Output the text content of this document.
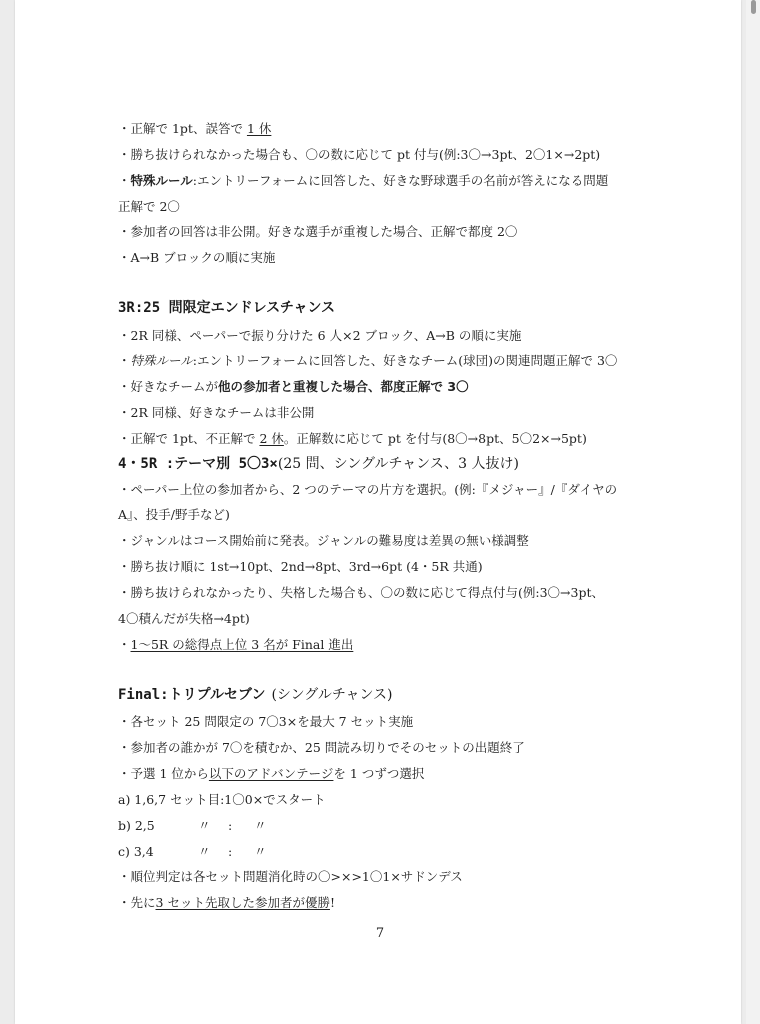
・正解で 1pt、誤答で 1 休
・勝ち抜けられなかった場合も、〇の数に応じて pt 付与(例:3〇→3pt、2〇1×→2pt)
・特殊ルール:エントリーフォームに回答した、好きな野球選手の名前が答えになる問題
正解で 2〇
・参加者の回答は非公開。好きな選手が重複した場合、正解で都度 2〇
・A→B ブロックの順に実施
3R:25 問限定エンドレスチャンス
・2R 同様、ペーパーで振り分けた 6 人×2 ブロック、A→B の順に実施
・特殊ルール:エントリーフォームに回答した、好きなチーム(球団)の関連問題正解で 3〇
・好きなチームが他の参加者と重複した場合、都度正解で 3〇
・2R 同様、好きなチームは非公開
・正解で 1pt、不正解で 2 休。正解数に応じて pt を付与(8〇→8pt、5〇2×→5pt)
4・5R :テーマ別 5〇3×(25 問、シングルチャンス、3 人抜け)
・ペーパー上位の参加者から、2 つのテーマの片方を選択。(例:『メジャー』/『ダイヤの
A』、投手/野手など)
・ジャンルはコース開始前に発表。ジャンルの難易度は差異の無い様調整
・勝ち抜け順に 1st→10pt、2nd→8pt、3rd→6pt (4・5R 共通)
・勝ち抜けられなかったり、失格した場合も、〇の数に応じて得点付与(例:3〇→3pt、
4〇積んだが失格→4pt)
・1～5R の総得点上位 3 名が Final 進出
Final:トリプルセブン (シングルチャンス)
・各セット 25 問限定の 7〇3×を最大 7 セット実施
・参加者の誰かが 7〇を積むか、25 問読み切りでそのセットの出題終了
・予選 1 位から以下のアドバンテージを 1 つずつ選択
a) 1,6,7 セット目:1〇0×でスタート
b) 2,5	〃 : 〃
c) 3,4	〃 : 〃
・順位判定は各セット問題消化時の〇>×>1〇1×サドンデス
・先に3 セット先取した参加者が優勝!
7
